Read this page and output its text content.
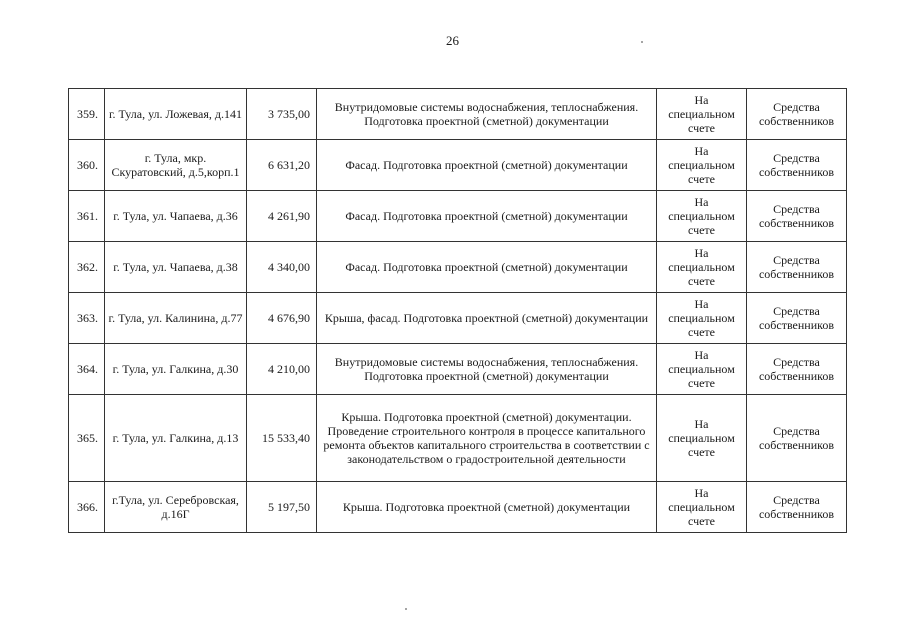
26
359.	г. Тула, ул. Ложевая, д.141	3 735,00	Внутридомовые системы водоснабжения, теплоснабжения. Подготовка проектной (сметной) документации	На специальном счете	Средства собственников
360.	г. Тула, мкр. Скуратовский, д.5,корп.1	6 631,20	Фасад. Подготовка проектной (сметной) документации	На специальном счете	Средства собственников
361.	г. Тула, ул. Чапаева, д.36	4 261,90	Фасад. Подготовка проектной (сметной) документации	На специальном счете	Средства собственников
362.	г. Тула, ул. Чапаева, д.38	4 340,00	Фасад. Подготовка проектной (сметной) документации	На специальном счете	Средства собственников
363.	г. Тула, ул. Калинина, д.77	4 676,90	Крыша, фасад. Подготовка проектной (сметной) документации	На специальном счете	Средства собственников
364.	г. Тула, ул. Галкина, д.30	4 210,00	Внутридомовые системы водоснабжения, теплоснабжения. Подготовка проектной (сметной) документации	На специальном счете	Средства собственников
365.	г. Тула, ул. Галкина, д.13	15 533,40	Крыша. Подготовка проектной (сметной) документации. Проведение строительного контроля в процессе капитального ремонта объектов капитального строительства в соответствии с законодательством о градостроительной деятельности	На специальном счете	Средства собственников
366.	г.Тула, ул. Серебровская, д.16Г	5 197,50	Крыша. Подготовка проектной (сметной) документации	На специальном счете	Средства собственников
